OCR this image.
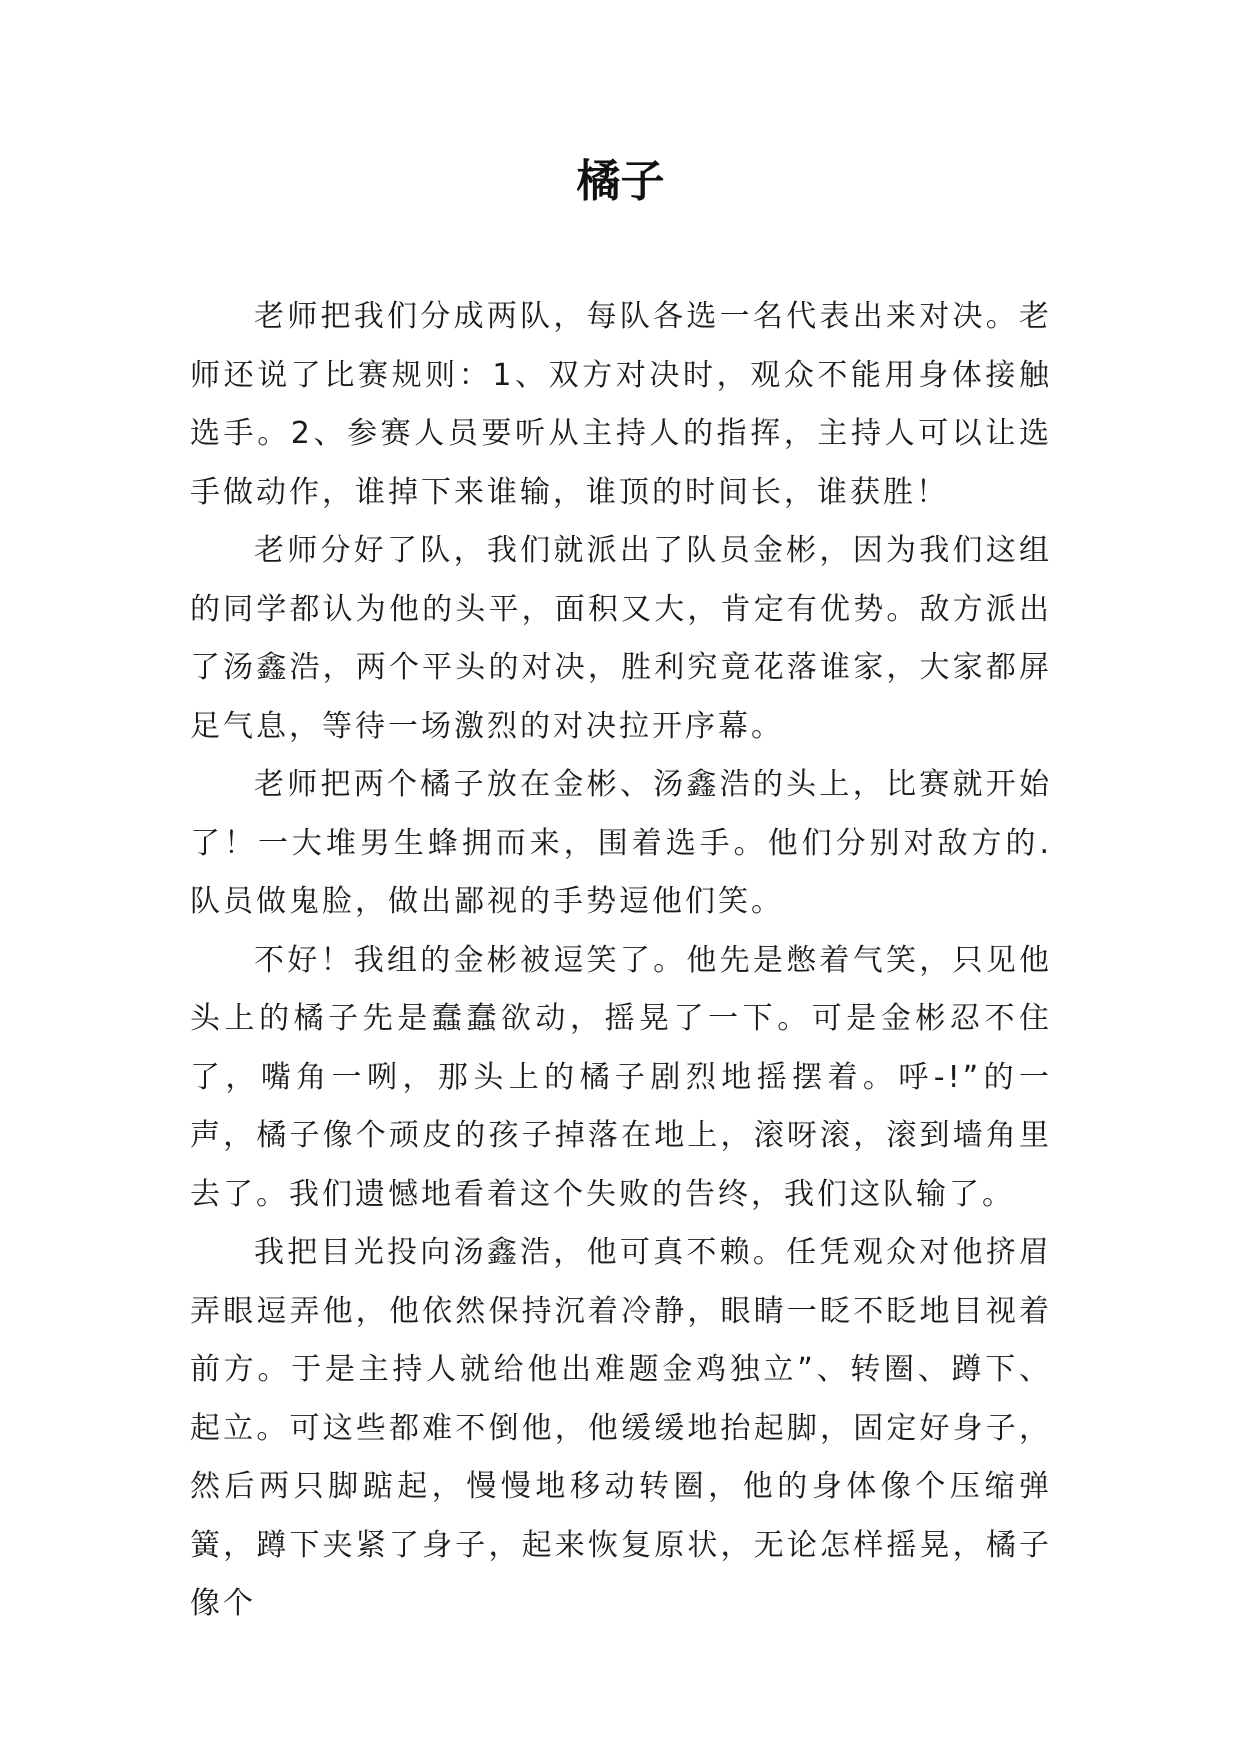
橘子

老师把我们分成两队，每队各选一名代表出来对决。老师还说了比赛规则：1、双方对决时，观众不能用身体接触选手。2、参赛人员要听从主持人的指挥，主持人可以让选手做动作，谁掉下来谁输，谁顶的时间长，谁获胜！

老师分好了队，我们就派出了队员金彬，因为我们这组的同学都认为他的头平，面积又大，肯定有优势。敌方派出了汤鑫浩，两个平头的对决，胜利究竟花落谁家，大家都屏足气息，等待一场激烈的对决拉开序幕。

老师把两个橘子放在金彬、汤鑫浩的头上，比赛就开始了！一大堆男生蜂拥而来，围着选手。他们分别对敌方的.队员做鬼脸，做出鄙视的手势逗他们笑。

不好！我组的金彬被逗笑了。他先是憋着气笑，只见他头上的橘子先是蠢蠢欲动，摇晃了一下。可是金彬忍不住了，嘴角一咧，那头上的橘子剧烈地摇摆着。呼-!”的一声，橘子像个顽皮的孩子掉落在地上，滚呀滚，滚到墙角里去了。我们遗憾地看着这个失败的告终，我们这队输了。

我把目光投向汤鑫浩，他可真不赖。任凭观众对他挤眉弄眼逗弄他，他依然保持沉着冷静，眼睛一眨不眨地目视着前方。于是主持人就给他出难题金鸡独立”、转圈、蹲下、起立。可这些都难不倒他，他缓缓地抬起脚，固定好身子，然后两只脚踮起，慢慢地移动转圈，他的身体像个压缩弹簧，蹲下夹紧了身子，起来恢复原状，无论怎样摇晃，橘子像个
